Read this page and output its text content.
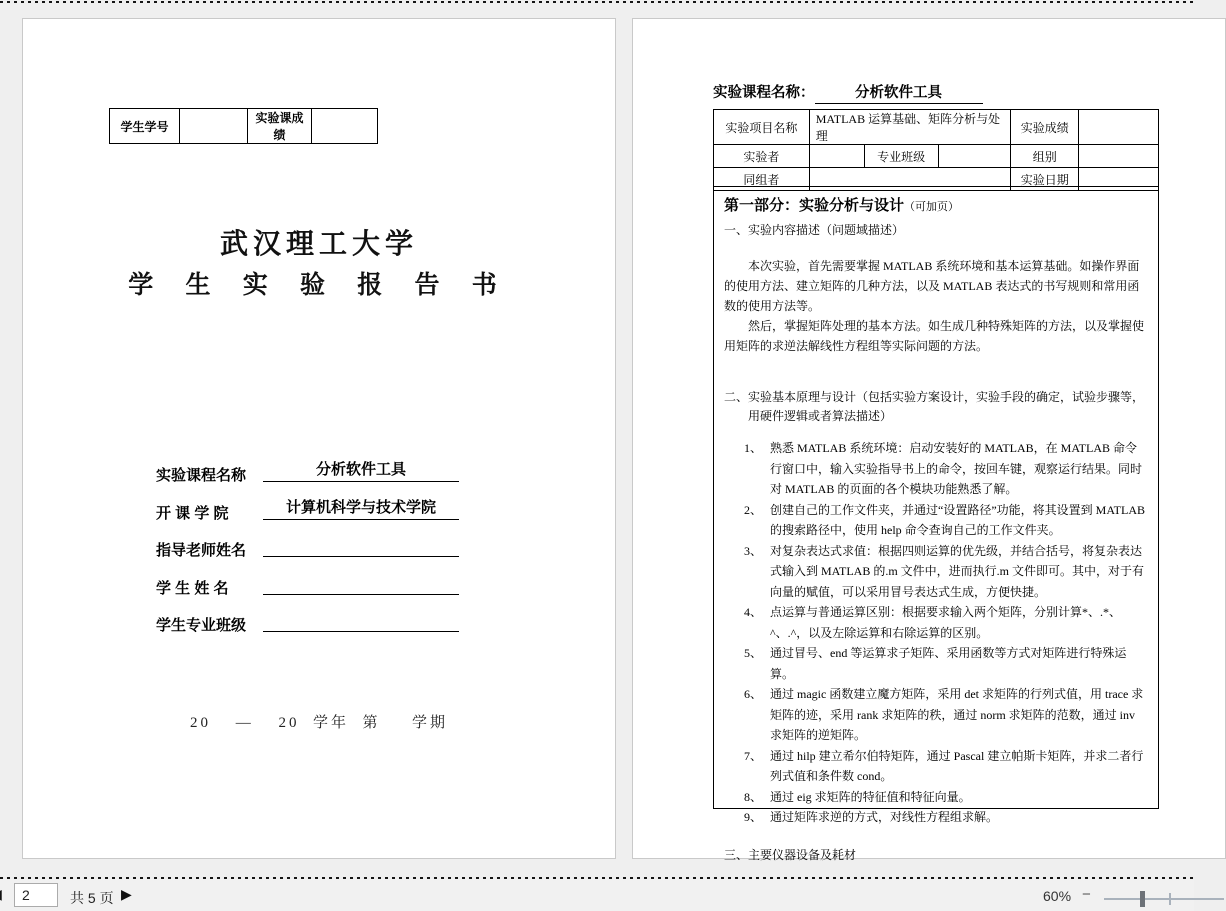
学生学号		实验课成绩	
武汉理工大学
学 生 实 验 报 告 书
实验课程名称	分析软件工具
开 课 学 院	计算机科学与技术学院
指导老师姓名
学 生 姓 名
学生专业班级
20 　—　 20  学年  第 　 学期
实验课程名称：	分析软件工具
实验项目名称	MATLAB 运算基础、矩阵分析与处理			实验成绩	
实验者		专业班级		组别	
同组者				实验日期	
第一部分：实验分析与设计（可加页）
一、实验内容描述（问题域描述）
本次实验，首先需要掌握 MATLAB 系统环境和基本运算基础。如操作界面的使用方法、建立矩阵的几种方法，以及 MATLAB 表达式的书写规则和常用函数的使用方法等。
然后，掌握矩阵处理的基本方法。如生成几种特殊矩阵的方法，以及掌握使用矩阵的求逆法解线性方程组等实际问题的方法。
二、实验基本原理与设计（包括实验方案设计，实验手段的确定，试验步骤等，用硬件逻辑或者算法描述）
1、 熟悉 MATLAB 系统环境：启动安装好的 MATLAB，在 MATLAB 命令行窗口中，输入实验指导书上的命令，按回车键，观察运行结果。同时对 MATLAB 的页面的各个模块功能熟悉了解。
2、 创建自己的工作文件夹，并通过“设置路径”功能，将其设置到 MATLAB 的搜索路径中，使用 help 命令查询自己的工作文件夹。
3、 对复杂表达式求值：根据四则运算的优先级，并结合括号，将复杂表达式输入到 MATLAB 的.m 文件中，进而执行.m 文件即可。其中，对于有向量的赋值，可以采用冒号表达式生成，方便快捷。
4、 点运算与普通运算区别：根据要求输入两个矩阵，分别计算*、.*、^、.^，以及左除运算和右除运算的区别。
5、 通过冒号、end 等运算求子矩阵、采用函数等方式对矩阵进行特殊运算。
6、 通过 magic 函数建立魔方矩阵，采用 det 求矩阵的行列式值，用 trace 求矩阵的迹，采用 rank 求矩阵的秩，通过 norm 求矩阵的范数，通过 inv 求矩阵的逆矩阵。
7、 通过 hilp 建立希尔伯特矩阵，通过 Pascal 建立帕斯卡矩阵，并求二者行列式值和条件数 cond。
8、 通过 eig 求矩阵的特征值和特征向量。
9、 通过矩阵求逆的方式，对线性方程组求解。
三、主要仪器设备及耗材
2
共 5 页 ▶	60% −
